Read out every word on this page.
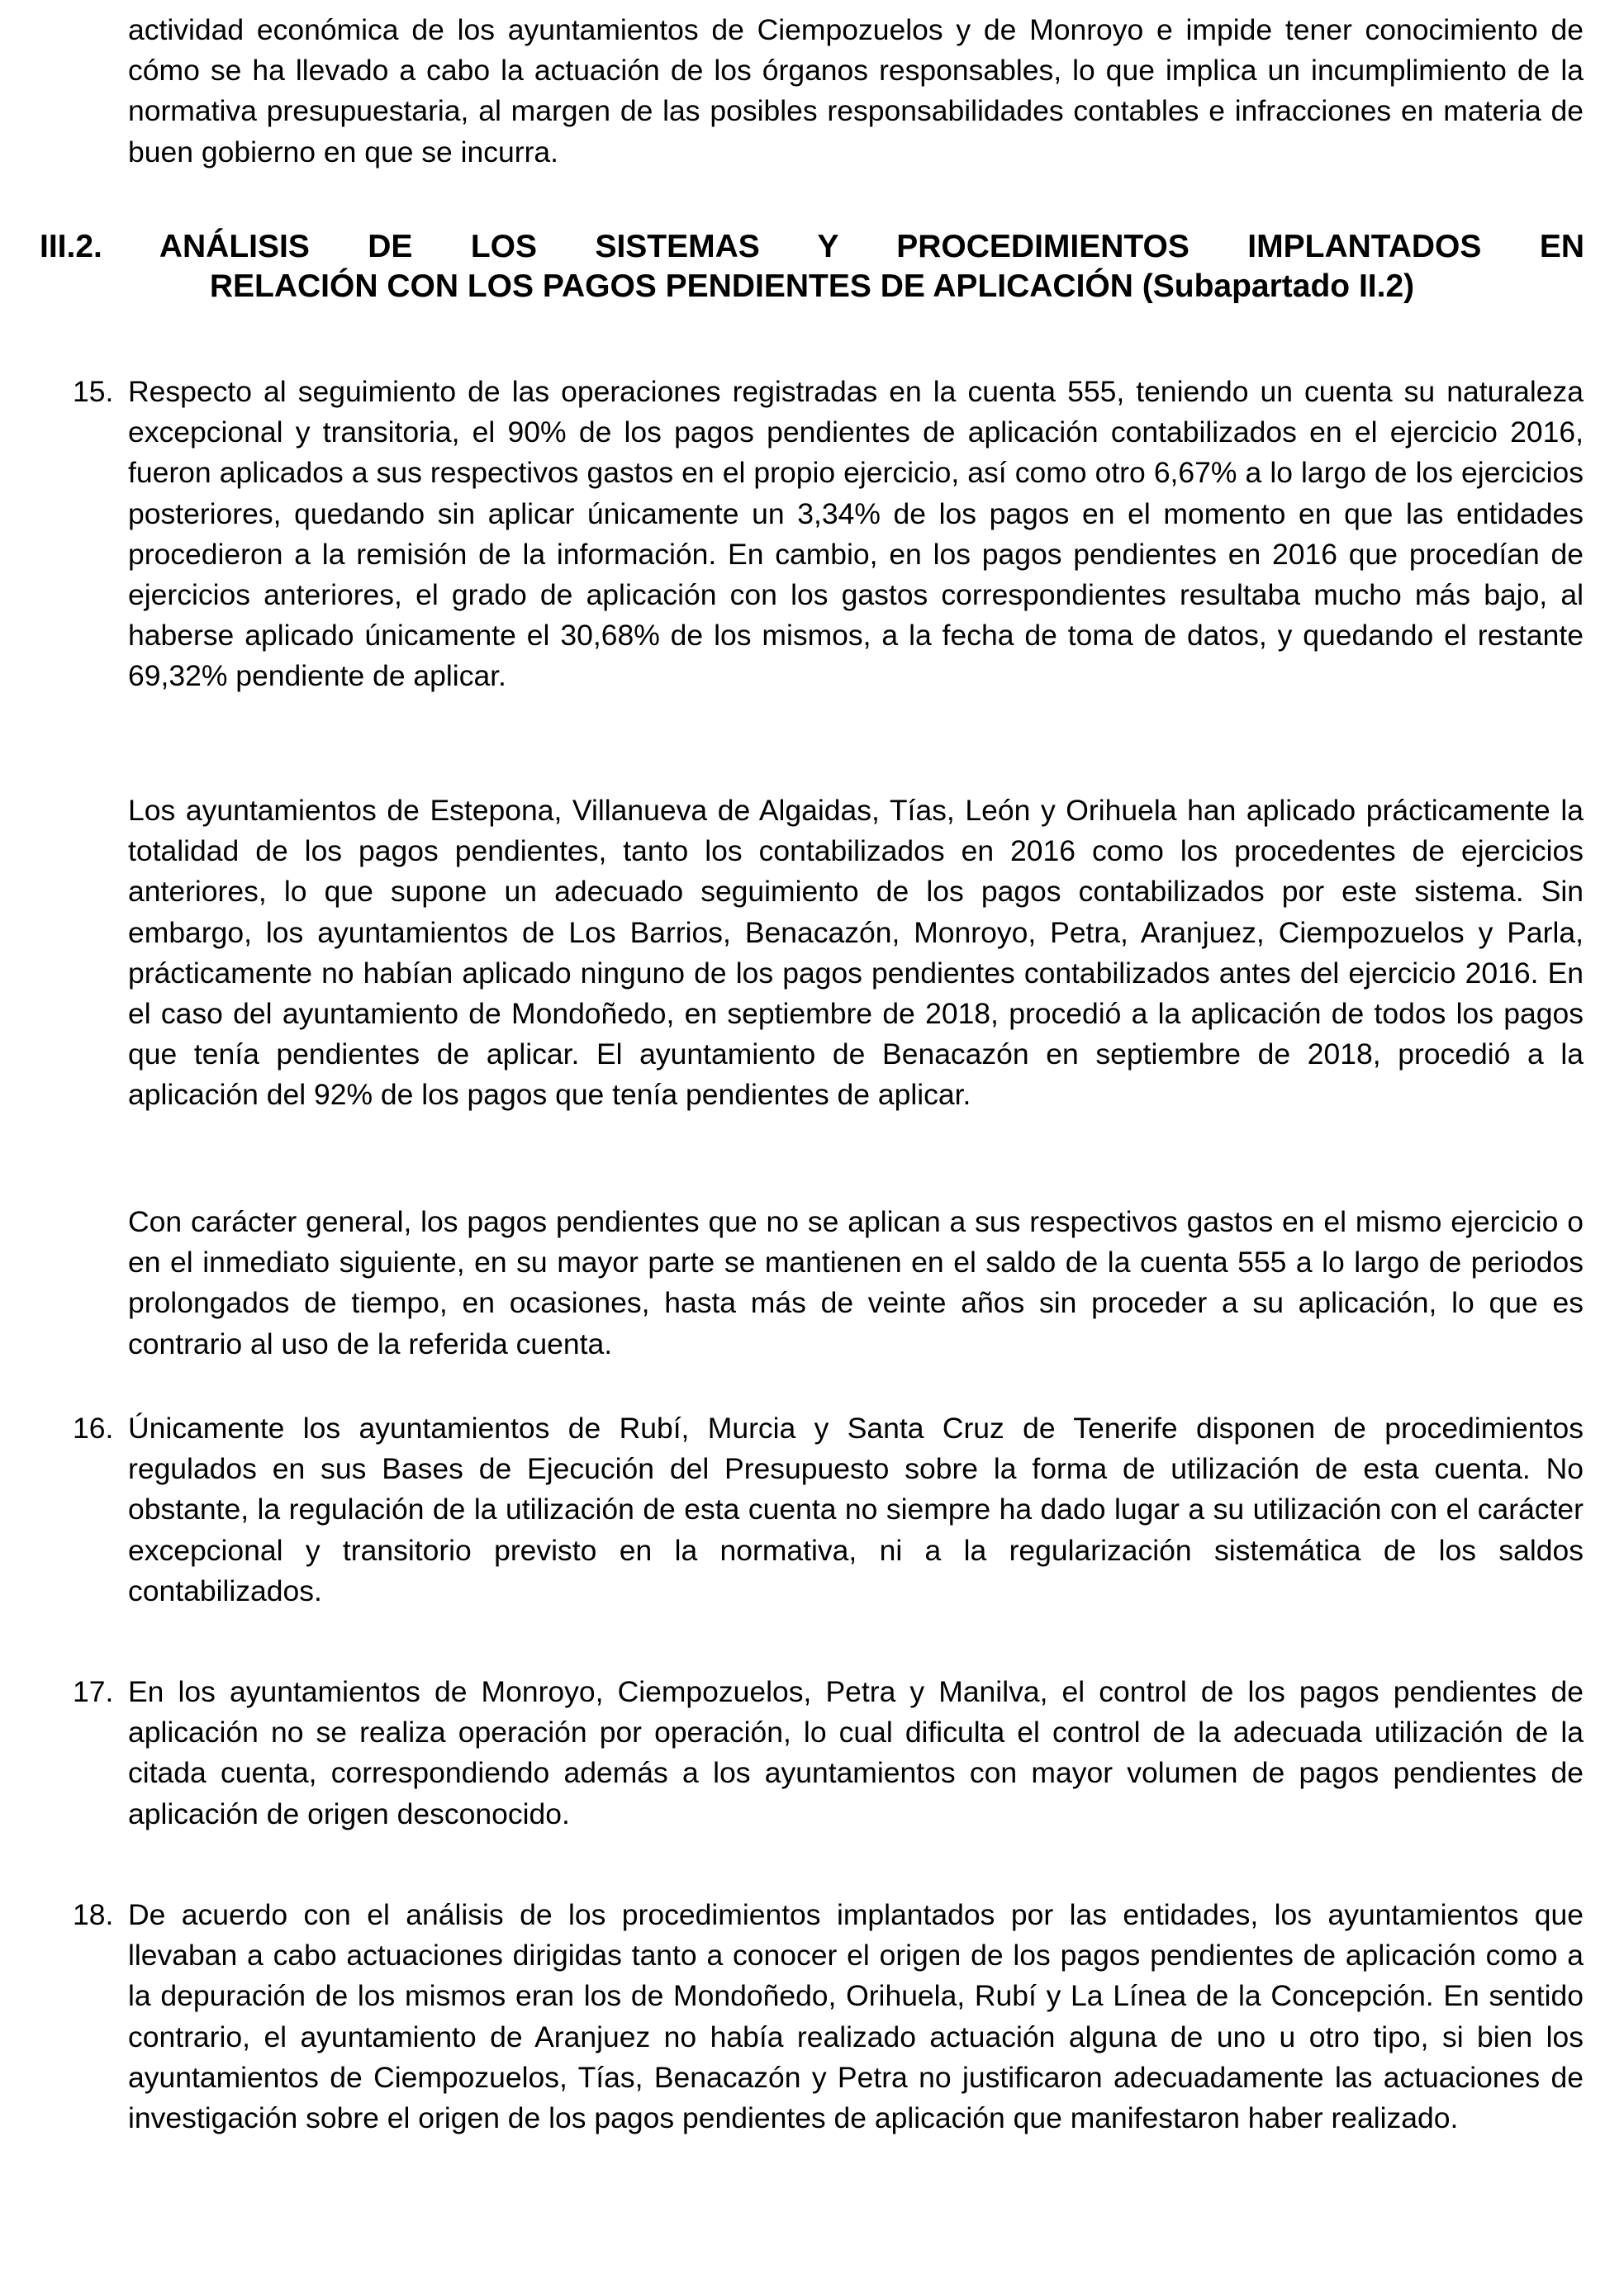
actividad económica de los ayuntamientos de Ciempozuelos y de Monroyo e impide tener conocimiento de cómo se ha llevado a cabo la actuación de los órganos responsables, lo que implica un incumplimiento de la normativa presupuestaria, al margen de las posibles responsabilidades contables e infracciones en materia de buen gobierno en que se incurra.

III.2. ANÁLISIS DE LOS SISTEMAS Y PROCEDIMIENTOS IMPLANTADOS EN
RELACIÓN CON LOS PAGOS PENDIENTES DE APLICACIÓN (Subapartado II.2)
15. Respecto al seguimiento de las operaciones registradas en la cuenta 555, teniendo un cuenta su naturaleza excepcional y transitoria, el 90% de los pagos pendientes de aplicación contabilizados en el ejercicio 2016, fueron aplicados a sus respectivos gastos en el propio ejercicio, así como otro 6,67% a lo largo de los ejercicios posteriores, quedando sin aplicar únicamente un 3,34% de los pagos en el momento en que las entidades procedieron a la remisión de la información. En cambio, en los pagos pendientes en 2016 que procedían de ejercicios anteriores, el grado de aplicación con los gastos correspondientes resultaba mucho más bajo, al haberse aplicado únicamente el 30,68% de los mismos, a la fecha de toma de datos, y quedando el restante 69,32% pendiente de aplicar.

Los ayuntamientos de Estepona, Villanueva de Algaidas, Tías, León y Orihuela han aplicado prácticamente la totalidad de los pagos pendientes, tanto los contabilizados en 2016 como los procedentes de ejercicios anteriores, lo que supone un adecuado seguimiento de los pagos contabilizados por este sistema. Sin embargo, los ayuntamientos de Los Barrios, Benacazón, Monroyo, Petra, Aranjuez, Ciempozuelos y Parla, prácticamente no habían aplicado ninguno de los pagos pendientes contabilizados antes del ejercicio 2016. En el caso del ayuntamiento de Mondoñedo, en septiembre de 2018, procedió a la aplicación de todos los pagos que tenía pendientes de aplicar. El ayuntamiento de Benacazón en septiembre de 2018, procedió a la aplicación del 92% de los pagos que tenía pendientes de aplicar.

Con carácter general, los pagos pendientes que no se aplican a sus respectivos gastos en el mismo ejercicio o en el inmediato siguiente, en su mayor parte se mantienen en el saldo de la cuenta 555 a lo largo de periodos prolongados de tiempo, en ocasiones, hasta más de veinte años sin proceder a su aplicación, lo que es contrario al uso de la referida cuenta.

16. Únicamente los ayuntamientos de Rubí, Murcia y Santa Cruz de Tenerife disponen de procedimientos regulados en sus Bases de Ejecución del Presupuesto sobre la forma de utilización de esta cuenta. No obstante, la regulación de la utilización de esta cuenta no siempre ha dado lugar a su utilización con el carácter excepcional y transitorio previsto en la normativa, ni a la regularización sistemática de los saldos contabilizados.

17. En los ayuntamientos de Monroyo, Ciempozuelos, Petra y Manilva, el control de los pagos pendientes de aplicación no se realiza operación por operación, lo cual dificulta el control de la adecuada utilización de la citada cuenta, correspondiendo además a los ayuntamientos con mayor volumen de pagos pendientes de aplicación de origen desconocido.

18. De acuerdo con el análisis de los procedimientos implantados por las entidades, los ayuntamientos que llevaban a cabo actuaciones dirigidas tanto a conocer el origen de los pagos pendientes de aplicación como a la depuración de los mismos eran los de Mondoñedo, Orihuela, Rubí y La Línea de la Concepción. En sentido contrario, el ayuntamiento de Aranjuez no había realizado actuación alguna de uno u otro tipo, si bien los ayuntamientos de Ciempozuelos, Tías, Benacazón y Petra no justificaron adecuadamente las actuaciones de investigación sobre el origen de los pagos pendientes de aplicación que manifestaron haber realizado.
